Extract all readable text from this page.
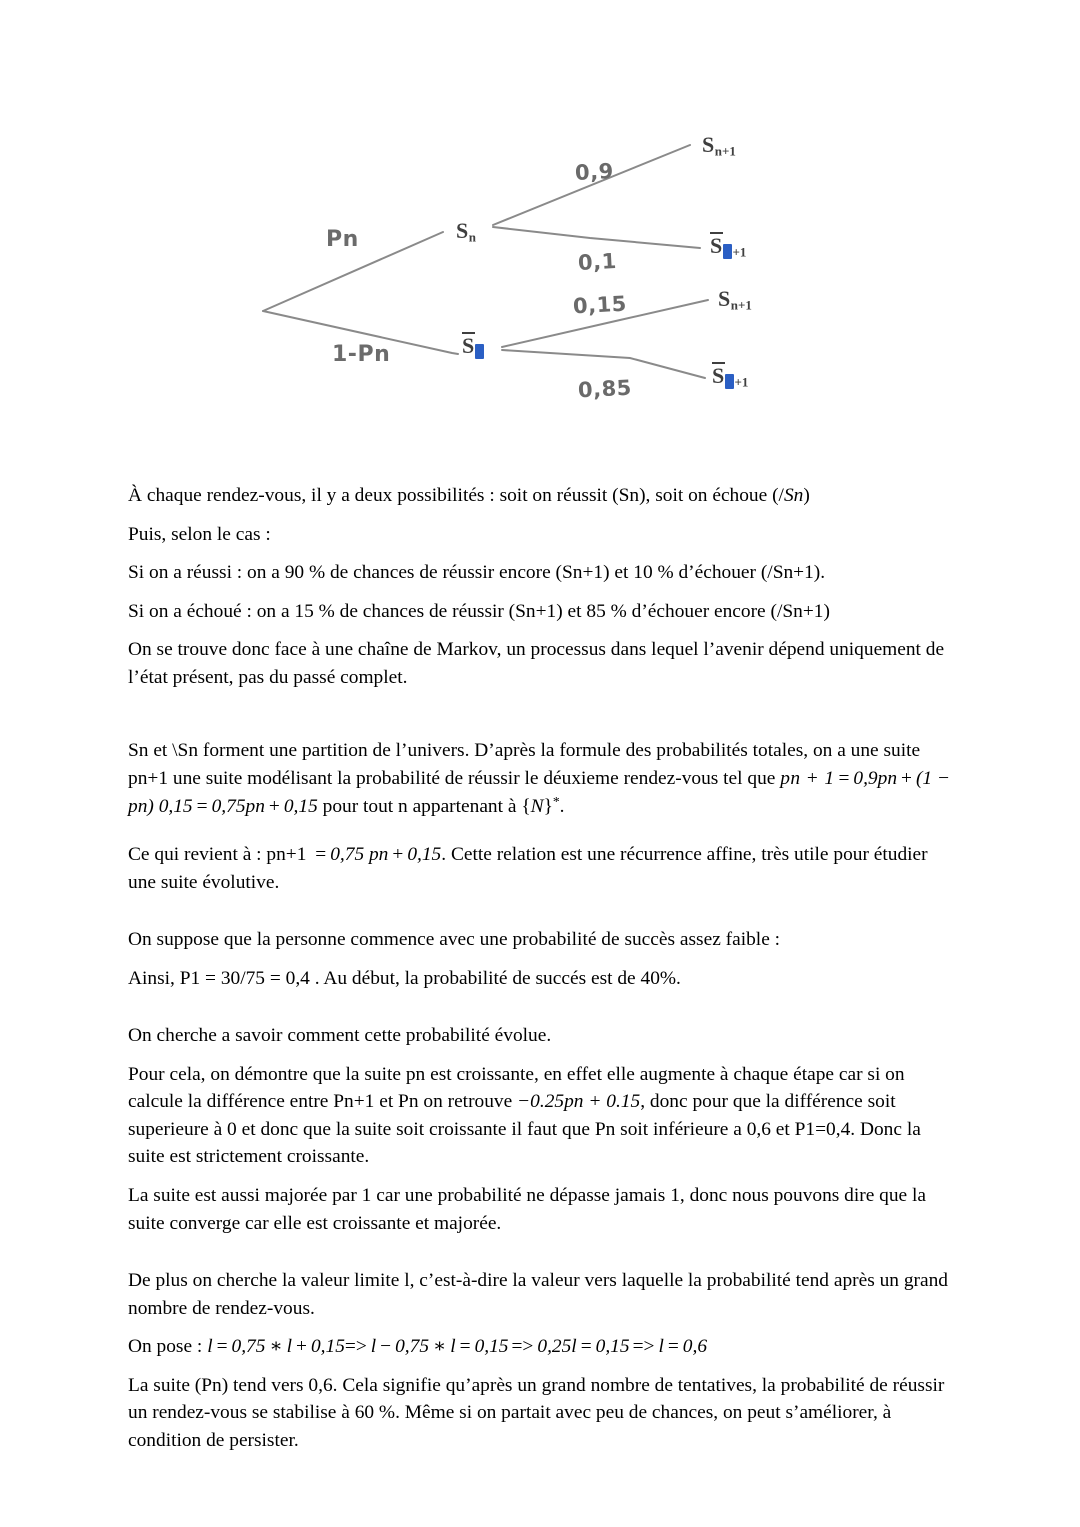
Pn
1-Pn
0,9
0,1
0,15
0,85
$S_n$
Sn
$S_{n+1}$
$Sn_{+1}$
$S_{n+1}$
$Sn_{+1}$

À chaque rendez-vous, il y a deux possibilités : soit on réussit (Sn), soit on échoue (/Sn)

Puis, selon le cas :

Si on a réussi : on a 90 % de chances de réussir encore (Sn+1) et 10 % d’échouer (/Sn+1).

Si on a échoué : on a 15 % de chances de réussir (Sn+1) et 85 % d’échouer encore (/Sn+1)

On se trouve donc face à une chaîne de Markov, un processus dans lequel l’avenir dépend uniquement de l’état présent, pas du passé complet.

Sn et \Sn forment une partition de l’univers. D’après la formule des probabilités totales, on a une suite pn+1 une suite modélisant la probabilité de réussir le déuxieme rendez-vous tel que pn + 1 = 0,9pn + (1 − pn) 0,15 = 0,75pn + 0,15 pour tout n appartenant à {N}*.

Ce qui revient à : pn+1 = 0,75 pn + 0,15. Cette relation est une récurrence affine, très utile pour étudier une suite évolutive.

On suppose que la personne commence avec une probabilité de succès assez faible :

Ainsi, P1 = 30/75 = 0,4 . Au début, la probabilité de succés est de 40%.

On cherche a savoir comment cette probabilité évolue.

Pour cela, on démontre que la suite pn est croissante, en effet elle augmente à chaque étape car si on calcule la différence entre Pn+1 et Pn on retrouve −0.25pn + 0.15, donc pour que la différence soit superieure à 0 et donc que la suite soit croissante il faut que Pn soit inférieure a 0,6 et P1=0,4. Donc la suite est strictement croissante.

La suite est aussi majorée par 1 car une probabilité ne dépasse jamais 1, donc nous pouvons dire que la suite converge car elle est croissante et majorée.

De plus on cherche la valeur limite l, c’est-à-dire la valeur vers laquelle la probabilité tend après un grand nombre de rendez-vous.

On pose : l = 0,75 ∗ l + 0,15=> l − 0,75 ∗ l = 0,15 => 0,25l = 0,15 => l = 0,6

La suite (Pn) tend vers 0,6. Cela signifie qu’après un grand nombre de tentatives, la probabilité de réussir un rendez-vous se stabilise à 60 %. Même si on partait avec peu de chances, on peut s’améliorer, à condition de persister.
